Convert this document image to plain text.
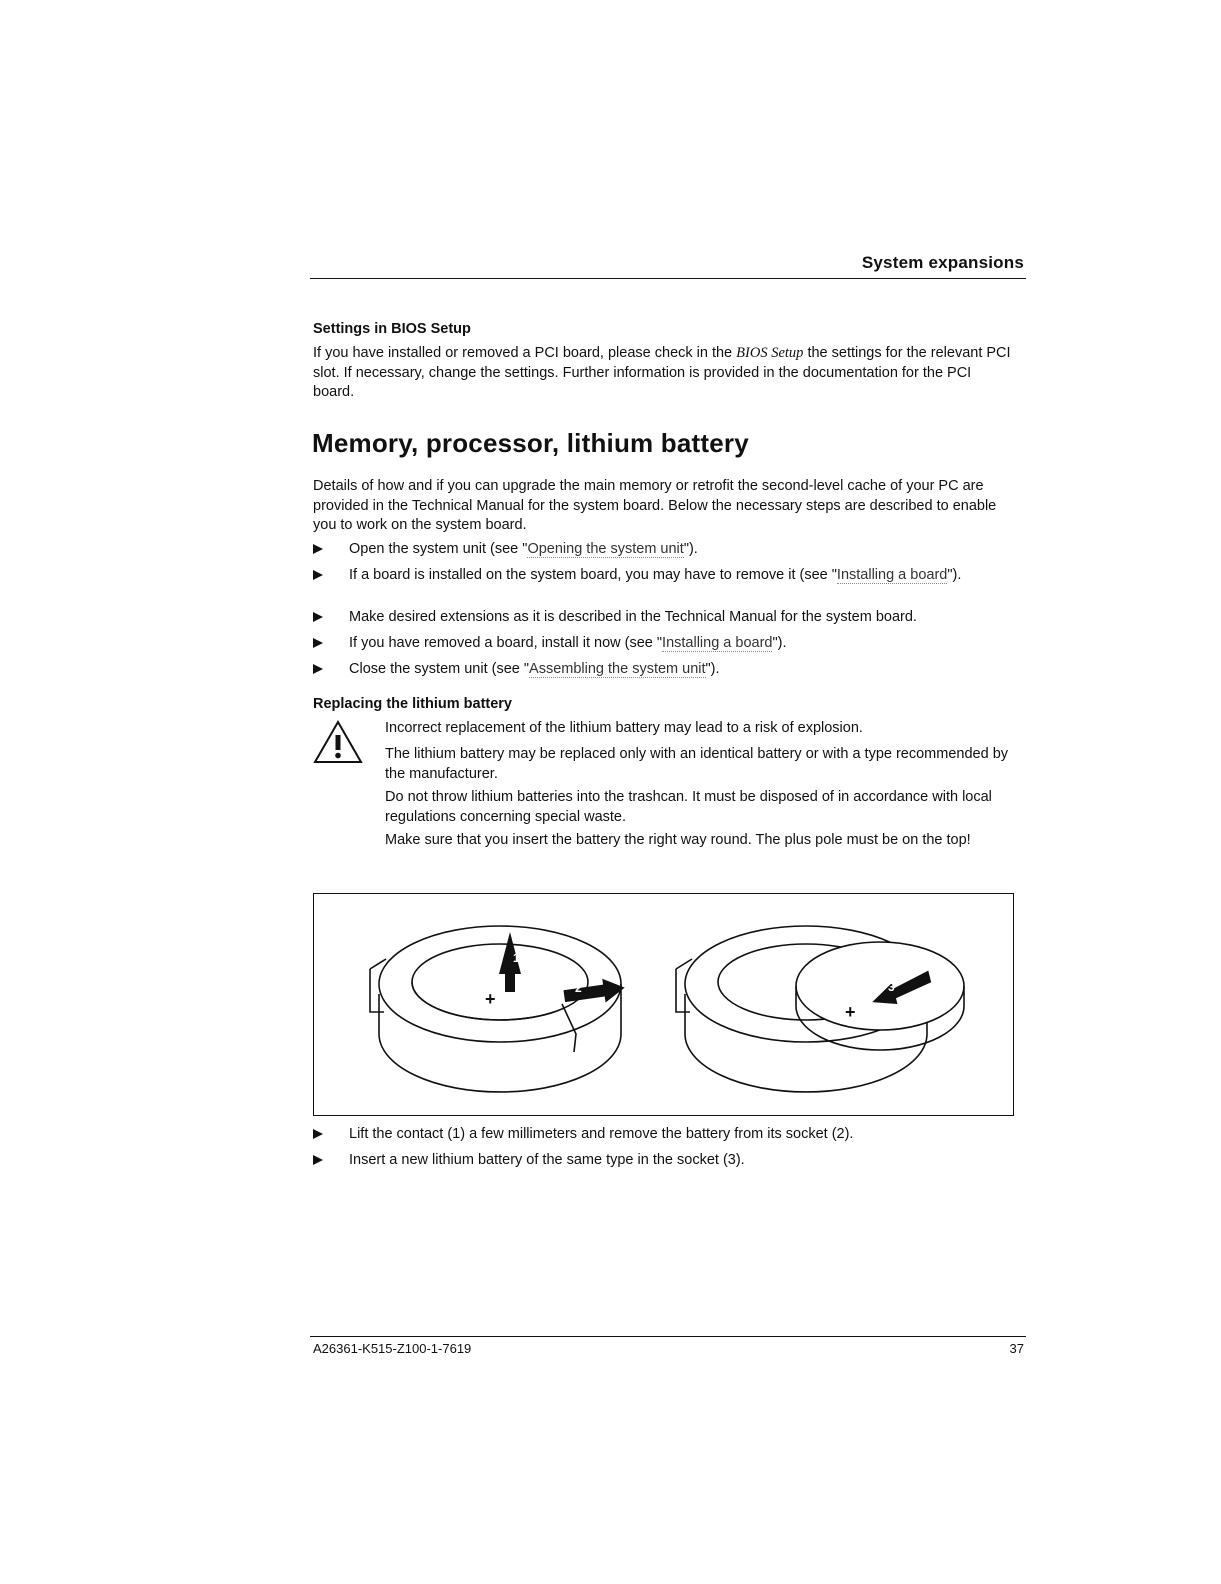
System expansions
Settings in BIOS Setup
If you have installed or removed a PCI board, please check in the BIOS Setup the settings for the relevant PCI slot. If necessary, change the settings. Further information is provided in the documentation for the PCI board.
Memory, processor, lithium battery
Details of how and if you can upgrade the main memory or retrofit the second-level cache of your PC are provided in the Technical Manual for the system board. Below the necessary steps are described to enable you to work on the system board.
Open the system unit (see "Opening the system unit").
If a board is installed on the system board, you may have to remove it (see "Installing a board").
Make desired extensions as it is described in the Technical Manual for the system board.
If you have removed a board, install it now (see "Installing a board").
Close the system unit (see "Assembling the system unit").
Replacing the lithium battery
Incorrect replacement of the lithium battery may lead to a risk of explosion.
The lithium battery may be replaced only with an identical battery or with a type recommended by the manufacturer.
Do not throw lithium batteries into the trashcan. It must be disposed of in accordance with local regulations concerning special waste.
Make sure that you insert the battery the right way round. The plus pole must be on the top!
1
2	3
+
+
Lift the contact (1) a few millimeters and remove the battery from its socket (2).
Insert a new lithium battery of the same type in the socket (3).
A26361-K515-Z100-1-7619	37
